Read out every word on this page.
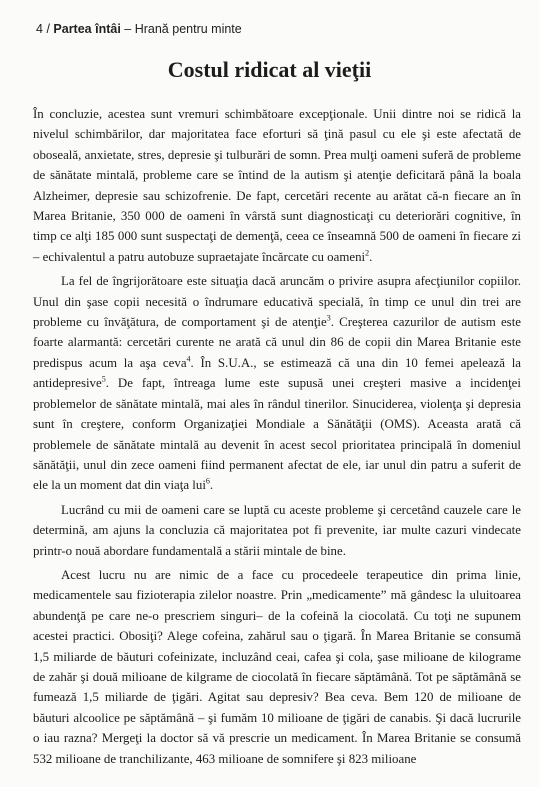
4 / Partea întâi – Hrană pentru minte
Costul ridicat al vieţii

În concluzie, acestea sunt vremuri schimbătoare excepţionale. Unii dintre noi se ridică la nivelul schimbărilor, dar majoritatea face eforturi să ţină pasul cu ele şi este afectată de oboseală, anxietate, stres, depresie şi tulburări de somn. Prea mulţi oameni suferă de probleme de sănătate mintală, probleme care se întind de la autism şi atenţie deficitară până la boala Alzheimer, depresie sau schizofrenie. De fapt, cercetări recente au arătat că-n fiecare an în Marea Britanie, 350 000 de oameni în vârstă sunt diagnosticaţi cu deteriorări cognitive, în timp ce alţi 185 000 sunt suspectaţi de demenţă, ceea ce înseamnă 500 de oameni în fiecare zi – echivalentul a patru autobuze supraetajate încărcate cu oameni$^2$.

La fel de îngrijorătoare este situaţia dacă aruncăm o privire asupra afecţiunilor copiilor. Unul din şase copii necesită o îndrumare educativă specială, în timp ce unul din trei are probleme cu învăţătura, de comportament şi de atenţie$^3$. Creşterea cazurilor de autism este foarte alarmantă: cercetări curente ne arată că unul din 86 de copii din Marea Britanie este predispus acum la aşa ceva$^4$. În S.U.A., se estimează că una din 10 femei apelează la antidepresive$^5$. De fapt, întreaga lume este supusă unei creşteri masive a incidenţei problemelor de sănătate mintală, mai ales în rândul tinerilor. Sinuciderea, violenţa şi depresia sunt în creştere, conform Organizaţiei Mondiale a Sănătăţii (OMS). Aceasta arată că problemele de sănătate mintală au devenit în acest secol prioritatea principală în domeniul sănătăţii, unul din zece oameni fiind permanent afectat de ele, iar unul din patru a suferit de ele la un moment dat din viaţa lui$^6$.

Lucrând cu mii de oameni care se luptă cu aceste probleme şi cercetând cauzele care le determină, am ajuns la concluzia că majoritatea pot fi prevenite, iar multe cazuri vindecate printr-o nouă abordare fundamentală a stării mintale de bine.

Acest lucru nu are nimic de a face cu procedeele terapeutice din prima linie, medicamentele sau fizioterapia zilelor noastre. Prin „medicamente” mă gândesc la uluitoarea abundenţă pe care ne-o prescriem singuri– de la cofeină la ciocolată. Cu toţi ne supunem acestei practici. Obosiţi? Alege cofeina, zahărul sau o ţigară. În Marea Britanie se consumă 1,5 miliarde de băuturi cofeinizate, incluzând ceai, cafea şi cola, şase milioane de kilograme de zahăr şi două milioane de kilgrame de ciocolată în fiecare săptămână. Tot pe săptămână se fumează 1,5 miliarde de ţigări. Agitat sau depresiv? Bea ceva. Bem 120 de milioane de băuturi alcoolice pe săptămână – şi fumăm 10 milioane de ţigări de canabis. Şi dacă lucrurile o iau razna? Mergeţi la doctor să vă prescrie un medicament. În Marea Britanie se consumă 532 milioane de tranchilizante, 463 milioane de somnifere şi 823 milioane
